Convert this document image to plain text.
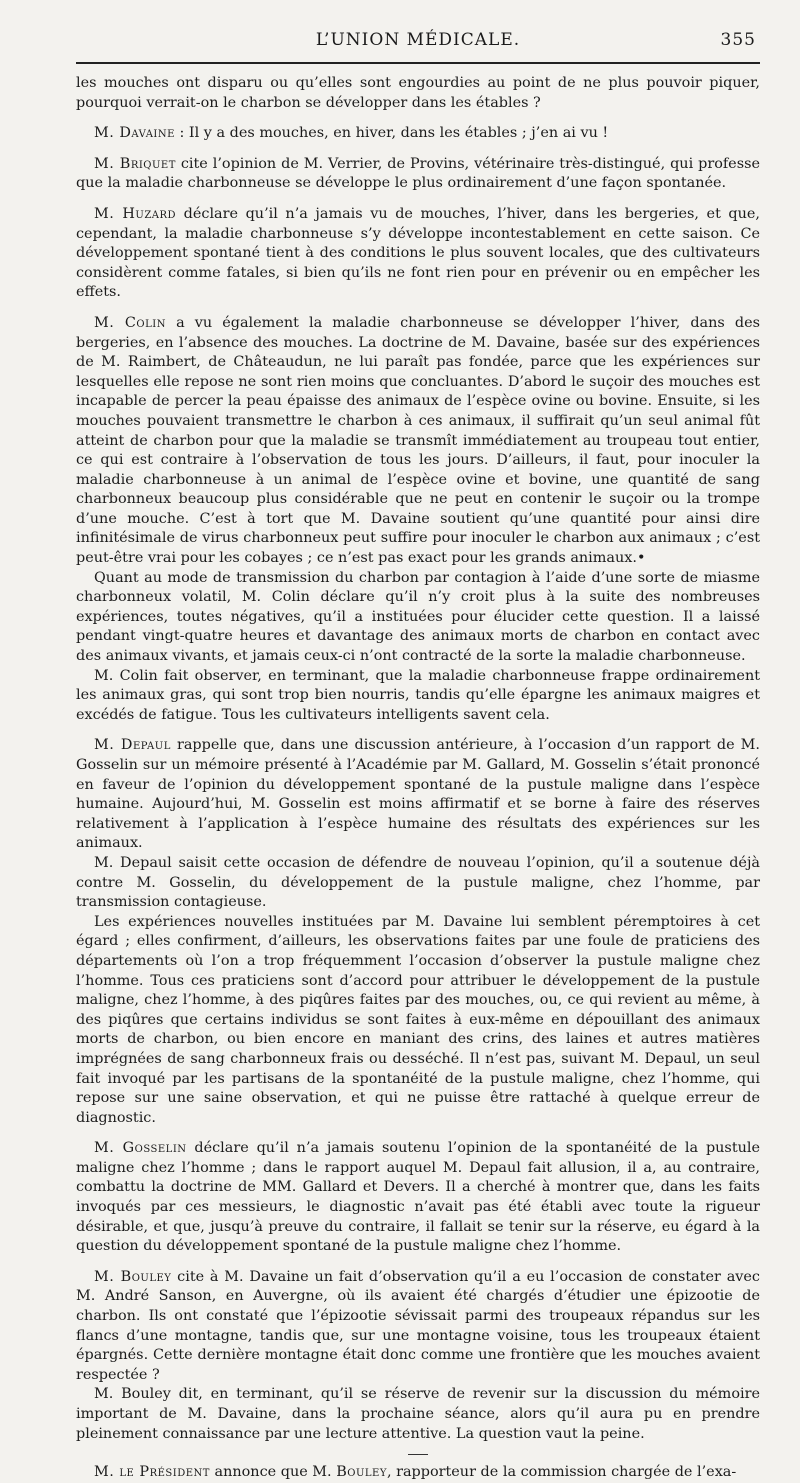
L’UNION MÉDICALE.	355

les mouches ont disparu ou qu’elles sont engourdies au point de ne plus pouvoir piquer, pourquoi verrait-on le charbon se développer dans les étables ?

M. Davaine : Il y a des mouches, en hiver, dans les étables ; j’en ai vu !

M. Briquet cite l’opinion de M. Verrier, de Provins, vétérinaire très-distingué, qui professe que la maladie charbonneuse se développe le plus ordinairement d’une façon spontanée.

M. Huzard déclare qu’il n’a jamais vu de mouches, l’hiver, dans les bergeries, et que, cependant, la maladie charbonneuse s’y développe incontestablement en cette saison. Ce développement spontané tient à des conditions le plus souvent locales, que des cultivateurs considèrent comme fatales, si bien qu’ils ne font rien pour en prévenir ou en empêcher les effets.

M. Colin a vu également la maladie charbonneuse se développer l’hiver, dans des bergeries, en l’absence des mouches. La doctrine de M. Davaine, basée sur des expériences de M. Raimbert, de Châteaudun, ne lui paraît pas fondée, parce que les expériences sur lesquelles elle repose ne sont rien moins que concluantes. D’abord le suçoir des mouches est incapable de percer la peau épaisse des animaux de l’espèce ovine ou bovine. Ensuite, si les mouches pouvaient transmettre le charbon à ces animaux, il suffirait qu’un seul animal fût atteint de charbon pour que la maladie se transmît immédiatement au troupeau tout entier, ce qui est contraire à l’observation de tous les jours. D’ailleurs, il faut, pour inoculer la maladie charbonneuse à un animal de l’espèce ovine et bovine, une quantité de sang charbonneux beaucoup plus considérable que ne peut en contenir le suçoir ou la trompe d’une mouche. C’est à tort que M. Davaine soutient qu’une quantité pour ainsi dire infinitésimale de virus charbonneux peut suffire pour inoculer le charbon aux animaux ; c’est peut-être vrai pour les cobayes ; ce n’est pas exact pour les grands animaux.•

Quant au mode de transmission du charbon par contagion à l’aide d’une sorte de miasme charbonneux volatil, M. Colin déclare qu’il n’y croit plus à la suite des nombreuses expériences, toutes négatives, qu’il a instituées pour élucider cette question. Il a laissé pendant vingt-quatre heures et davantage des animaux morts de charbon en contact avec des animaux vivants, et jamais ceux-ci n’ont contracté de la sorte la maladie charbonneuse.

M. Colin fait observer, en terminant, que la maladie charbonneuse frappe ordinairement les animaux gras, qui sont trop bien nourris, tandis qu’elle épargne les animaux maigres et excédés de fatigue. Tous les cultivateurs intelligents savent cela.

M. Depaul rappelle que, dans une discussion antérieure, à l’occasion d’un rapport de M. Gosselin sur un mémoire présenté à l’Académie par M. Gallard, M. Gosselin s’était prononcé en faveur de l’opinion du développement spontané de la pustule maligne dans l’espèce humaine. Aujourd’hui, M. Gosselin est moins affirmatif et se borne à faire des réserves relativement à l’application à l’espèce humaine des résultats des expériences sur les animaux.

M. Depaul saisit cette occasion de défendre de nouveau l’opinion, qu’il a soutenue déjà contre M. Gosselin, du développement de la pustule maligne, chez l’homme, par transmission contagieuse.

Les expériences nouvelles instituées par M. Davaine lui semblent péremptoires à cet égard ; elles confirment, d’ailleurs, les observations faites par une foule de praticiens des départements où l’on a trop fréquemment l’occasion d’observer la pustule maligne chez l’homme. Tous ces praticiens sont d’accord pour attribuer le développement de la pustule maligne, chez l’homme, à des piqûres faites par des mouches, ou, ce qui revient au même, à des piqûres que certains individus se sont faites à eux-même en dépouillant des animaux morts de charbon, ou bien encore en maniant des crins, des laines et autres matières imprégnées de sang charbonneux frais ou desséché. Il n’est pas, suivant M. Depaul, un seul fait invoqué par les partisans de la spontanéité de la pustule maligne, chez l’homme, qui repose sur une saine observation, et qui ne puisse être rattaché à quelque erreur de diagnostic.

M. Gosselin déclare qu’il n’a jamais soutenu l’opinion de la spontanéité de la pustule maligne chez l’homme ; dans le rapport auquel M. Depaul fait allusion, il a, au contraire, combattu la doctrine de MM. Gallard et Devers. Il a cherché à montrer que, dans les faits invoqués par ces messieurs, le diagnostic n’avait pas été établi avec toute la rigueur désirable, et que, jusqu’à preuve du contraire, il fallait se tenir sur la réserve, eu égard à la question du développement spontané de la pustule maligne chez l’homme.

M. Bouley cite à M. Davaine un fait d’observation qu’il a eu l’occasion de constater avec M. André Sanson, en Auvergne, où ils avaient été chargés d’étudier une épizootie de charbon. Ils ont constaté que l’épizootie sévissait parmi des troupeaux répandus sur les flancs d’une montagne, tandis que, sur une montagne voisine, tous les troupeaux étaient épargnés. Cette dernière montagne était donc comme une frontière que les mouches avaient respectée ?

M. Bouley dit, en terminant, qu’il se réserve de revenir sur la discussion du mémoire important de M. Davaine, dans la prochaine séance, alors qu’il aura pu en prendre pleinement connaissance par une lecture attentive. La question vaut la peine.

M. le Président annonce que M. Bouley, rapporteur de la commission chargée de l’exa-
